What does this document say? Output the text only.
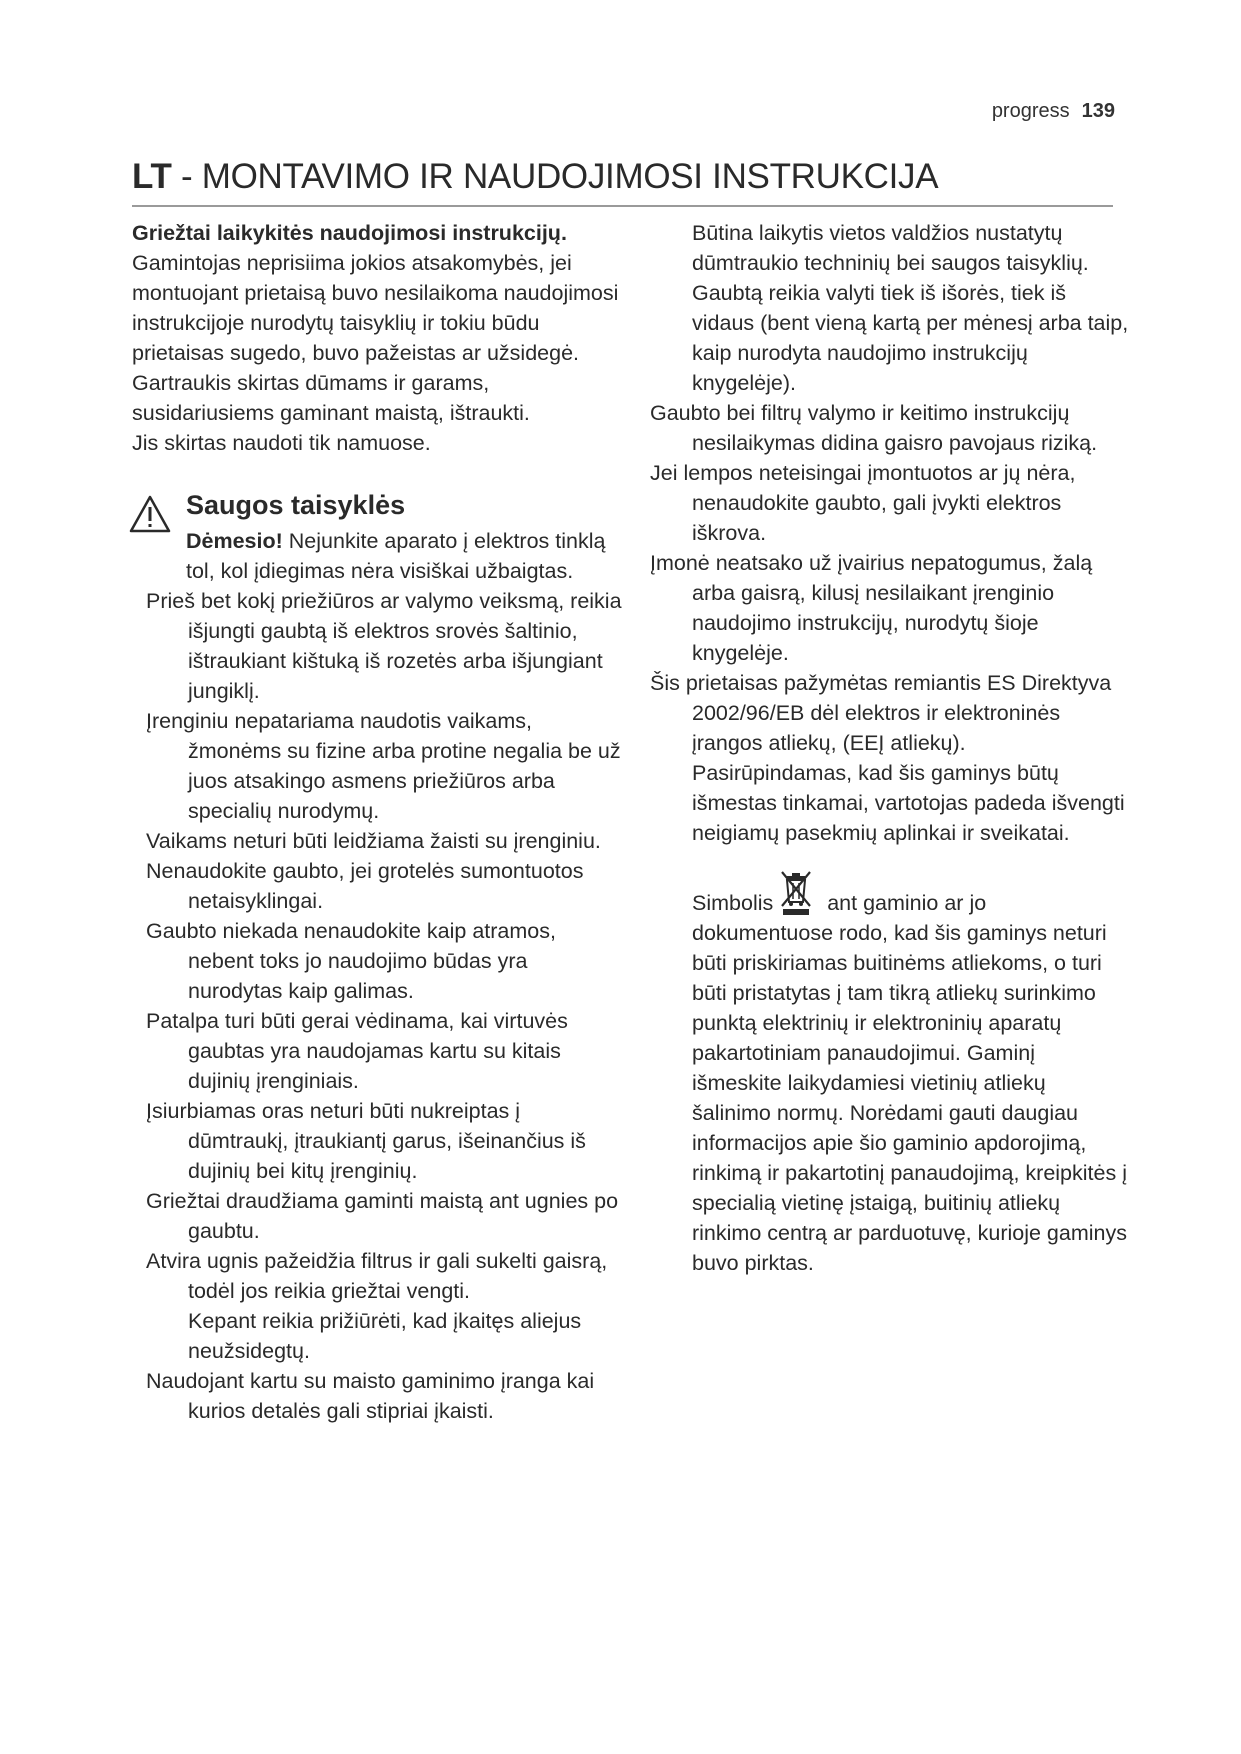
progress 139
LT - MONTAVIMO IR NAUDOJIMOSI INSTRUKCIJA

Griežtai laikykitės naudojimosi instrukcijų. Gamintojas neprisiima jokios atsakomybės, jei montuojant prietaisą buvo nesilaikoma naudojimosi instrukcijoje nurodytų taisyklių ir tokiu būdu prietaisas sugedo, buvo pažeistas ar užsidegė.

Gartraukis skirtas dūmams ir garams, susidariusiems gaminant maistą, ištraukti.

Jis skirtas naudoti tik namuose.

Saugos taisyklės

Dėmesio! Nejunkite aparato į elektros tinklą tol, kol įdiegimas nėra visiškai užbaigtas.

Prieš bet kokį priežiūros ar valymo veiksmą, reikia išjungti gaubtą iš elektros srovės šaltinio, ištraukiant kištuką iš rozetės arba išjungiant jungiklį.

Įrenginiu nepatariama naudotis vaikams, žmonėms su fizine arba protine negalia be už juos atsakingo asmens priežiūros arba specialių nurodymų.

Vaikams neturi būti leidžiama žaisti su įrenginiu.

Nenaudokite gaubto, jei grotelės sumontuotos netaisyklingai.

Gaubto niekada nenaudokite kaip atramos, nebent toks jo naudojimo būdas yra nurodytas kaip galimas.

Patalpa turi būti gerai vėdinama, kai virtuvės gaubtas yra naudojamas kartu su kitais dujinių įrenginiais.

Įsiurbiamas oras neturi būti nukreiptas į dūmtraukį, įtraukiantį garus, išeinančius iš dujinių bei kitų įrenginių.

Griežtai draudžiama gaminti maistą ant ugnies po gaubtu.

Atvira ugnis pažeidžia filtrus ir gali sukelti gaisrą, todėl jos reikia griežtai vengti.

Kepant reikia prižiūrėti, kad įkaitęs aliejus neužsidegtų.

Naudojant kartu su maisto gaminimo įranga kai kurios detalės gali stipriai įkaisti.

Būtina laikytis vietos valdžios nustatytų dūmtraukio techninių bei saugos taisyklių.

Gaubtą reikia valyti tiek iš išorės, tiek iš vidaus (bent vieną kartą per mėnesį arba taip, kaip nurodyta naudojimo instrukcijų knygelėje).

Gaubto bei filtrų valymo ir keitimo instrukcijų nesilaikymas didina gaisro pavojaus riziką.

Jei lempos neteisingai įmontuotos ar jų nėra, nenaudokite gaubto, gali įvykti elektros iškrova.

Įmonė neatsako už įvairius nepatogumus, žalą arba gaisrą, kilusį nesilaikant įrenginio naudojimo instrukcijų, nurodytų šioje knygelėje.

Šis prietaisas pažymėtas remiantis ES Direktyva 2002/96/EB dėl elektros ir elektroninės įrangos atliekų, (EEĮ atliekų). Pasirūpindamas, kad šis gaminys būtų išmestas tinkamai, vartotojas padeda išvengti neigiamų pasekmių aplinkai ir sveikatai.

Simbolis ant gaminio ar jo dokumentuose rodo, kad šis gaminys neturi būti priskiriamas buitinėms atliekoms, o turi būti pristatytas į tam tikrą atliekų surinkimo punktą elektrinių ir elektroninių aparatų pakartotiniam panaudojimui. Gaminį išmeskite laikydamiesi vietinių atliekų šalinimo normų. Norėdami gauti daugiau informacijos apie šio gaminio apdorojimą, rinkimą ir pakartotinį panaudojimą, kreipkitės į specialią vietinę įstaigą, buitinių atliekų rinkimo centrą ar parduotuvę, kurioje gaminys buvo pirktas.
